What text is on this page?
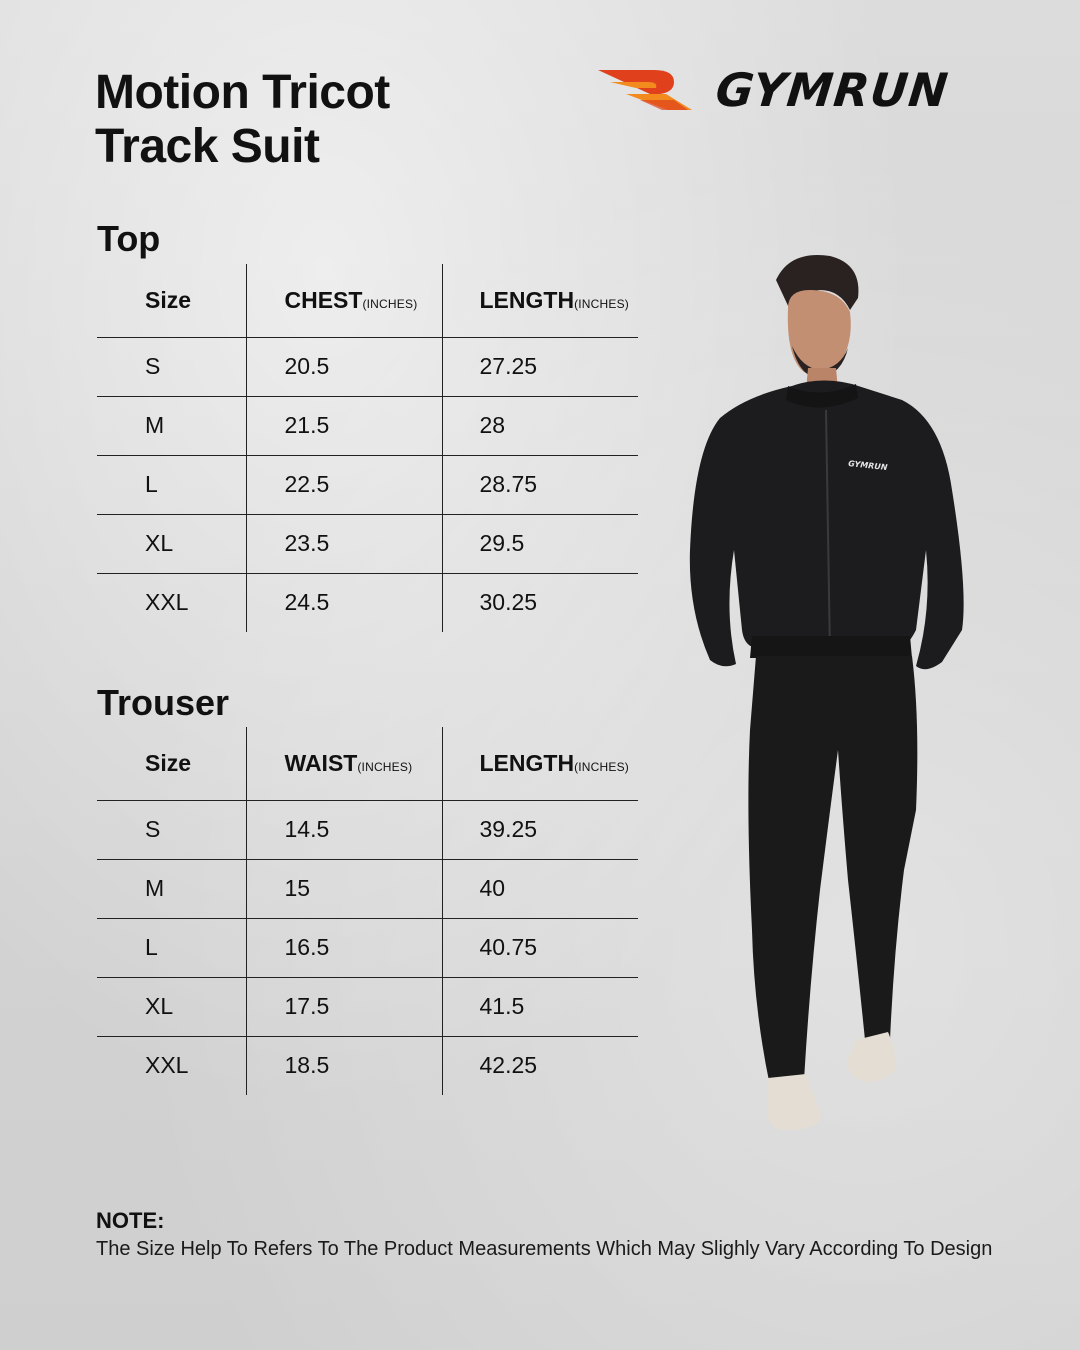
Motion Tricot
Track Suit
GYMRUN
Top
Size	CHEST(INCHES)	LENGTH(INCHES)
S	20.5	27.25
M	21.5	28
L	22.5	28.75
XL	23.5	29.5
XXL	24.5	30.25
Trouser
Size	WAIST(INCHES)	LENGTH(INCHES)
S	14.5	39.25
M	15	40
L	16.5	40.75
XL	17.5	41.5
XXL	18.5	42.25
GYMRUN
NOTE:
The Size Help To Refers To The Product Measurements Which May Slighly Vary According To Design
